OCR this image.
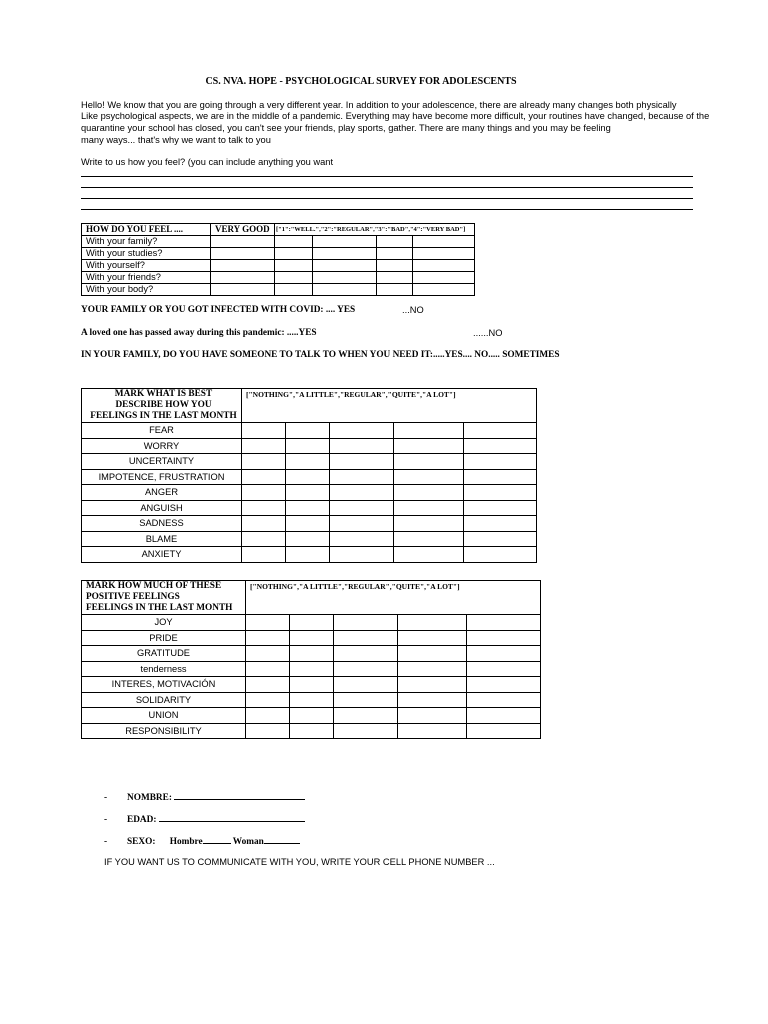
CS. NVA. HOPE - PSYCHOLOGICAL SURVEY FOR ADOLESCENTS
Hello! We know that you are going through a very different year. In addition to your adolescence, there are already many changes both physically
Like psychological aspects, we are in the middle of a pandemic. Everything may have become more difficult, your routines have changed, because of the
quarantine your school has closed, you can't see your friends, play sports, gather. There are many things and you may be feeling
many ways... that's why we want to talk to you
Write to us how you feel? (you can include anything you want
HOW DO YOU FEEL ....	VERY GOOD	["1":"WELL.","2":"REGULAR","3":"BAD","4":"VERY BAD"]			
With your family?					
With your studies?					
With yourself?					
With your friends?					
With your body?					
YOUR FAMILY OR YOU GOT INFECTED WITH COVID: .... YES	...NO
A loved one has passed away during this pandemic: .....YES	......NO
IN YOUR FAMILY, DO YOU HAVE SOMEONE TO TALK TO WHEN YOU NEED IT:.....YES.... NO..... SOMETIMES
MARK WHAT IS BEST
DESCRIBE HOW YOU
FEELINGS IN THE LAST MONTH	["NOTHING","A LITTLE","REGULAR","QUITE","A LOT"]				
FEAR					
WORRY					
UNCERTAINTY					
IMPOTENCE, FRUSTRATION					
ANGER					
ANGUISH					
SADNESS					
BLAME					
ANXIETY					
MARK HOW MUCH OF THESE
POSITIVE FEELINGS
FEELINGS IN THE LAST MONTH	["NOTHING","A LITTLE","REGULAR","QUITE","A LOT"]				
JOY					
PRIDE					
GRATITUDE					
tenderness					
INTERES, MOTIVACIÓN					
SOLIDARITY					
UNION					
RESPONSIBILITY					
- NOMBRE:
- EDAD:
- SEXO: Hombre	Woman
IF YOU WANT US TO COMMUNICATE WITH YOU, WRITE YOUR CELL PHONE NUMBER ...
